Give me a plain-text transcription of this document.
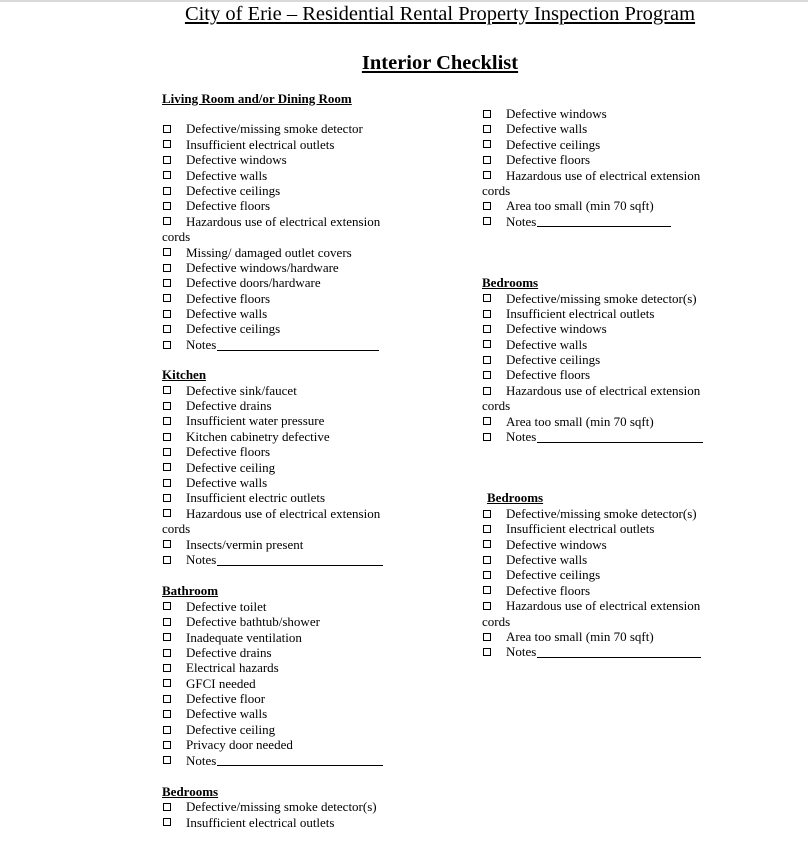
City of Erie – Residential Rental Property Inspection Program
Interior Checklist
Living Room and/or Dining Room
Defective/missing smoke detector
Insufficient electrical outlets
Defective windows
Defective walls
Defective ceilings
Defective floors
Hazardous use of electrical extension
cords
Missing/ damaged outlet covers
Defective windows/hardware
Defective doors/hardware
Defective floors
Defective walls
Defective ceilings
Notes
Kitchen
Defective sink/faucet
Defective drains
Insufficient water pressure
Kitchen cabinetry defective
Defective floors
Defective ceiling
Defective walls
Insufficient electric outlets
Hazardous use of electrical extension
cords
Insects/vermin present
Notes
Bathroom
Defective toilet
Defective bathtub/shower
Inadequate ventilation
Defective drains
Electrical hazards
GFCI needed
Defective floor
Defective walls
Defective ceiling
Privacy door needed
Notes
Bedrooms
Defective/missing smoke detector(s)
Insufficient electrical outlets
Defective windows
Defective walls
Defective ceilings
Defective floors
Hazardous use of electrical extension
cords
Area too small (min 70 sqft)
Notes
Bedrooms
Defective/missing smoke detector(s)
Insufficient electrical outlets
Defective windows
Defective walls
Defective ceilings
Defective floors
Hazardous use of electrical extension
cords
Area too small (min 70 sqft)
Notes
Bedrooms
Defective/missing smoke detector(s)
Insufficient electrical outlets
Defective windows
Defective walls
Defective ceilings
Defective floors
Hazardous use of electrical extension
cords
Area too small (min 70 sqft)
Notes
